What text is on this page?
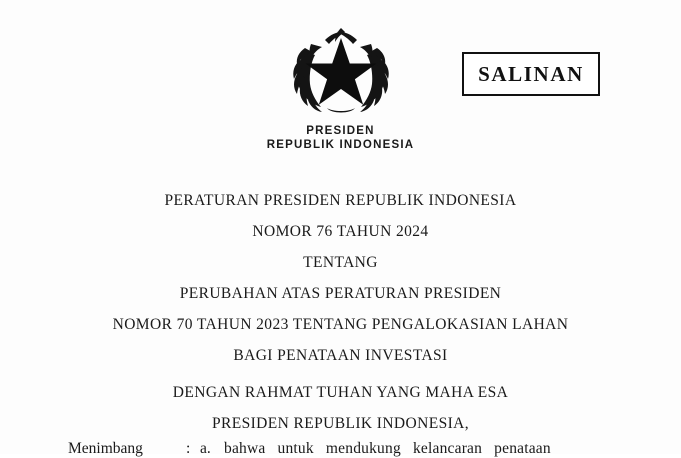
SALINAN
PRESIDEN
REPUBLIK INDONESIA
PERATURAN PRESIDEN REPUBLIK INDONESIA
NOMOR 76 TAHUN 2024
TENTANG
PERUBAHAN ATAS PERATURAN PRESIDEN
NOMOR 70 TAHUN 2023 TENTANG PENGALOKASIAN LAHAN
BAGI PENATAAN INVESTASI
DENGAN RAHMAT TUHAN YANG MAHA ESA
PRESIDEN REPUBLIK INDONESIA,
Menimbang	: a. bahwa untuk mendukung kelancaran penataan
